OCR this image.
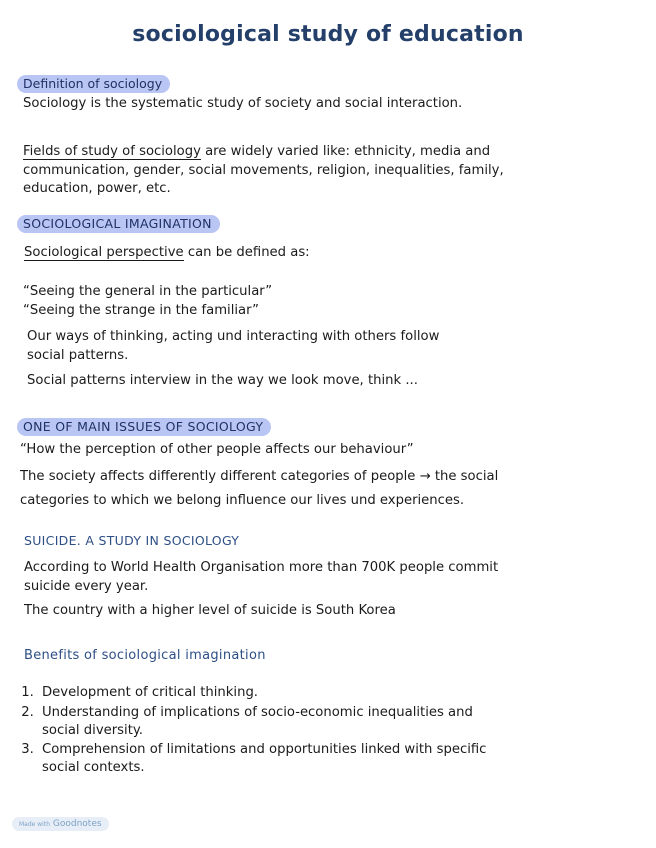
sociological study of education
Definition of sociology
Sociology is the systematic study of society and social interaction.
Fields of study of sociology are widely varied like: ethnicity, media and
communication, gender, social movements, religion, inequalities, family,
education, power, etc.
SOCIOLOGICAL IMAGINATION
Sociological perspective can be defined as:
“Seeing the general in the particular”
“Seeing the strange in the familiar”
Our ways of thinking, acting und interacting with others follow
social patterns.
Social patterns interview in the way we look move, think ...
ONE OF MAIN ISSUES OF SOCIOLOGY
“How the perception of other people affects our behaviour”
The society affects differently different categories of people → the social
categories to which we belong influence our lives und experiences.
SUICIDE. A STUDY IN SOCIOLOGY
According to World Health Organisation more than 700K people commit
suicide every year.
The country with a higher level of suicide is South Korea
Benefits of sociological imagination
1. Development of critical thinking.
2. Understanding of implications of socio-economic inequalities and
social diversity.
3. Comprehension of limitations and opportunities linked with specific
social contexts.
Made with Goodnotes
